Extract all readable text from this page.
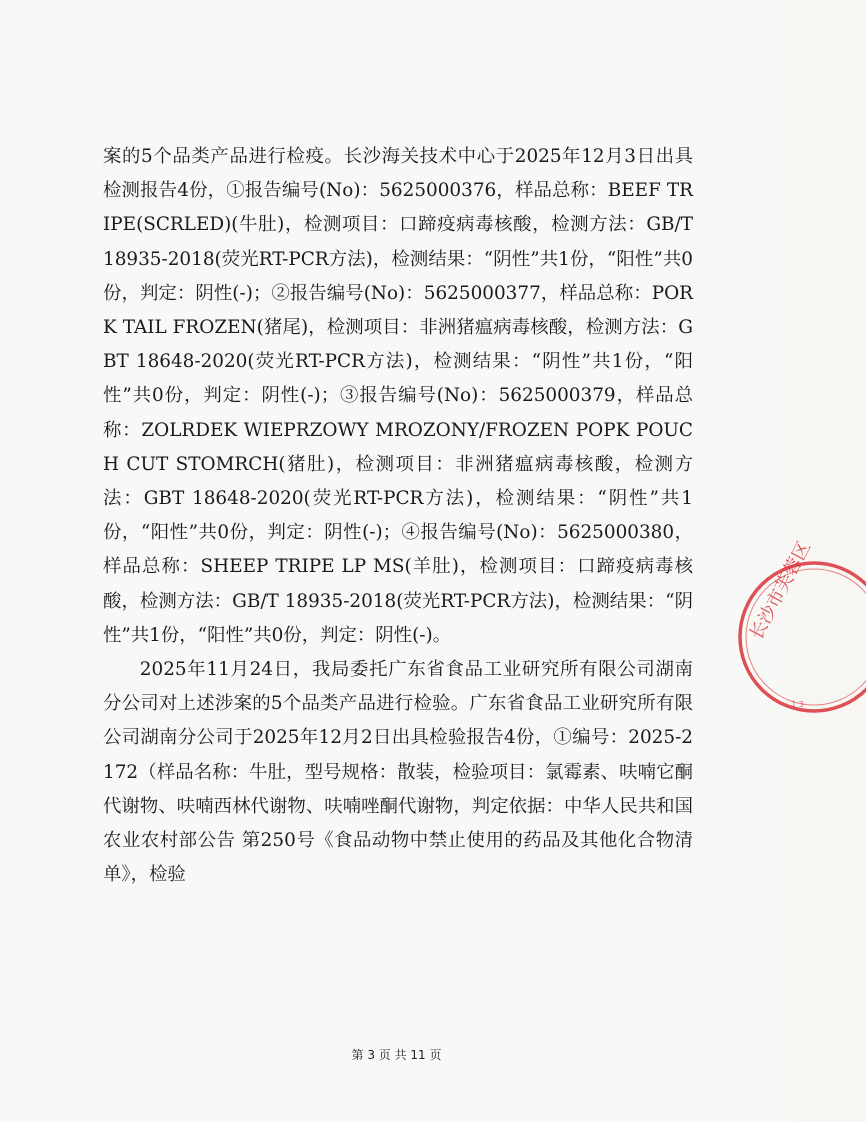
案的5个品类产品进行检疫。长沙海关技术中心于2025年12月3日出具检测报告4份，①报告编号(No)：5625000376，样品总称：BEEF TRIPE(SCRLED)(牛肚)，检测项目：口蹄疫病毒核酸，检测方法：GB/T 18935-2018(荧光RT-PCR方法)，检测结果：“阴性”共1份，“阳性”共0份，判定：阴性(-)；②报告编号(No)：5625000377，样品总称：PORK TAIL FROZEN(猪尾)，检测项目：非洲猪瘟病毒核酸，检测方法：GBT 18648-2020(荧光RT-PCR方法)，检测结果：“阴性”共1份，“阳性”共0份，判定：阴性(-)；③报告编号(No)：5625000379，样品总称：ZOLRDEK WIEPRZOWY MROZONY/FROZEN POPK POUCH CUT STOMRCH(猪肚)，检测项目：非洲猪瘟病毒核酸，检测方法：GBT 18648-2020(荧光RT-PCR方法)，检测结果：“阴性”共1份，“阳性”共0份，判定：阴性(-)；④报告编号(No)：5625000380，样品总称：SHEEP TRIPE LP MS(羊肚)，检测项目：口蹄疫病毒核酸，检测方法：GB/T 18935-2018(荧光RT-PCR方法)，检测结果：“阴性”共1份，“阳性”共0份，判定：阴性(-)。

2025年11月24日，我局委托广东省食品工业研究所有限公司湖南分公司对上述涉案的5个品类产品进行检验。广东省食品工业研究所有限公司湖南分公司于2025年12月2日出具检验报告4份，①编号：2025-2172（样品名称：牛肚，型号规格：散装，检验项目：氯霉素、呋喃它酮代谢物、呋喃西林代谢物、呋喃唑酮代谢物，判定依据：中华人民共和国农业农村部公告 第250号《食品动物中禁止使用的药品及其他化合物清单》，检验

长沙市芙蓉区
· 1 3
第 3 页 共 11 页
